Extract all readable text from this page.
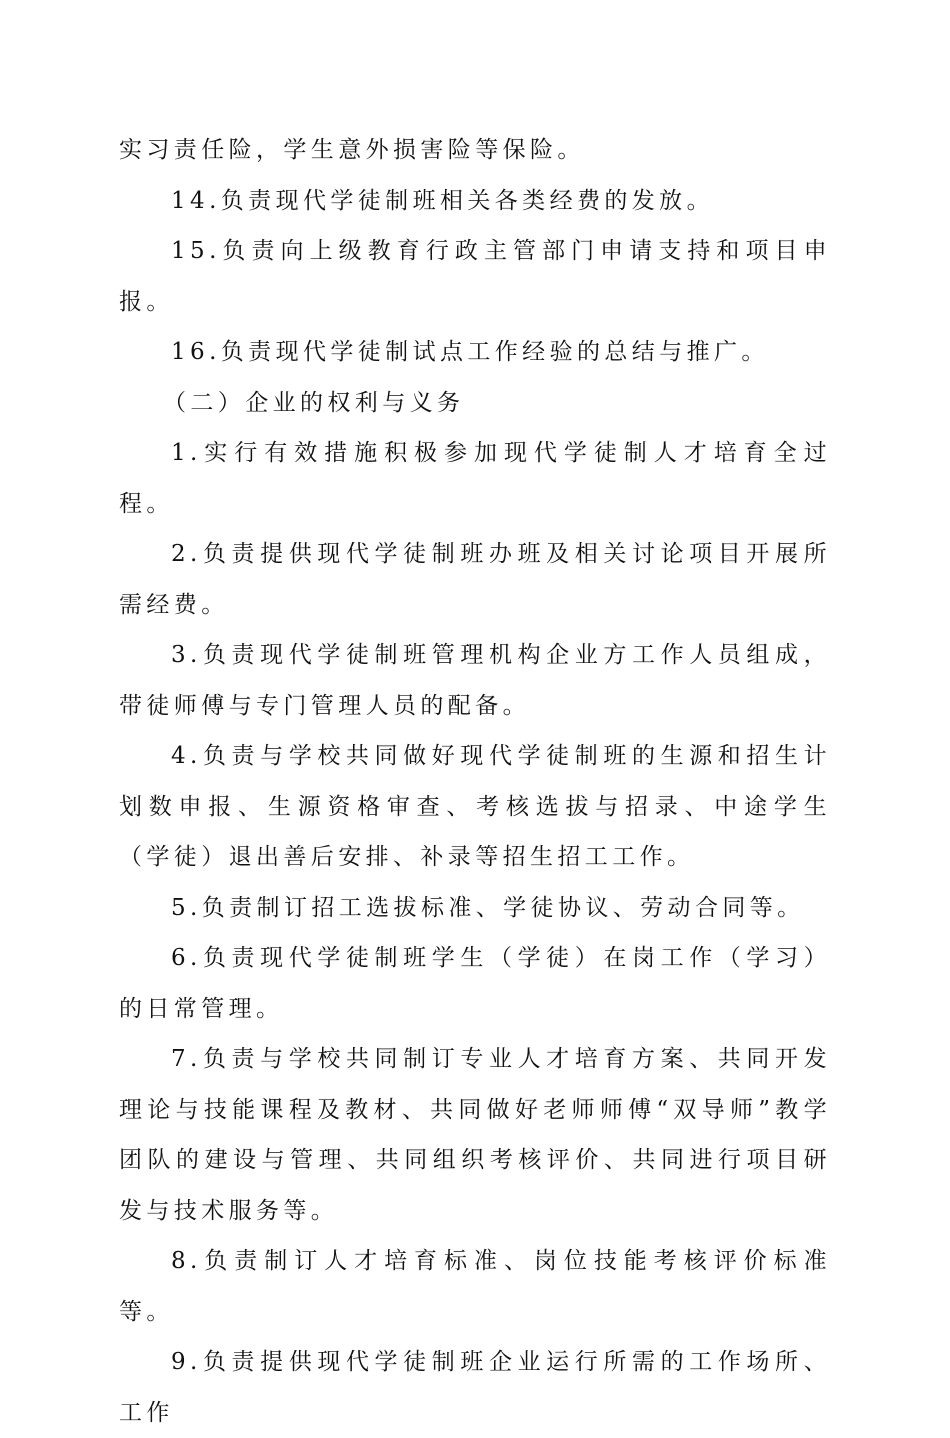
实习责任险，学生意外损害险等保险。

14.负责现代学徒制班相关各类经费的发放。

15.负责向上级教育行政主管部门申请支持和项目申报。

16.负责现代学徒制试点工作经验的总结与推广。

（二）企业的权利与义务

1.实行有效措施积极参加现代学徒制人才培育全过程。

2.负责提供现代学徒制班办班及相关讨论项目开展所需经费。

3.负责现代学徒制班管理机构企业方工作人员组成，带徒师傅与专门管理人员的配备。

4.负责与学校共同做好现代学徒制班的生源和招生计划数申报、生源资格审查、考核选拔与招录、中途学生（学徒）退出善后安排、补录等招生招工工作。

5.负责制订招工选拔标准、学徒协议、劳动合同等。

6.负责现代学徒制班学生（学徒）在岗工作（学习）的日常管理。

7.负责与学校共同制订专业人才培育方案、共同开发理论与技能课程及教材、共同做好老师师傅“双导师”教学团队的建设与管理、共同组织考核评价、共同进行项目研发与技术服务等。

8.负责制订人才培育标准、岗位技能考核评价标准等。

9.负责提供现代学徒制班企业运行所需的工作场所、工作
